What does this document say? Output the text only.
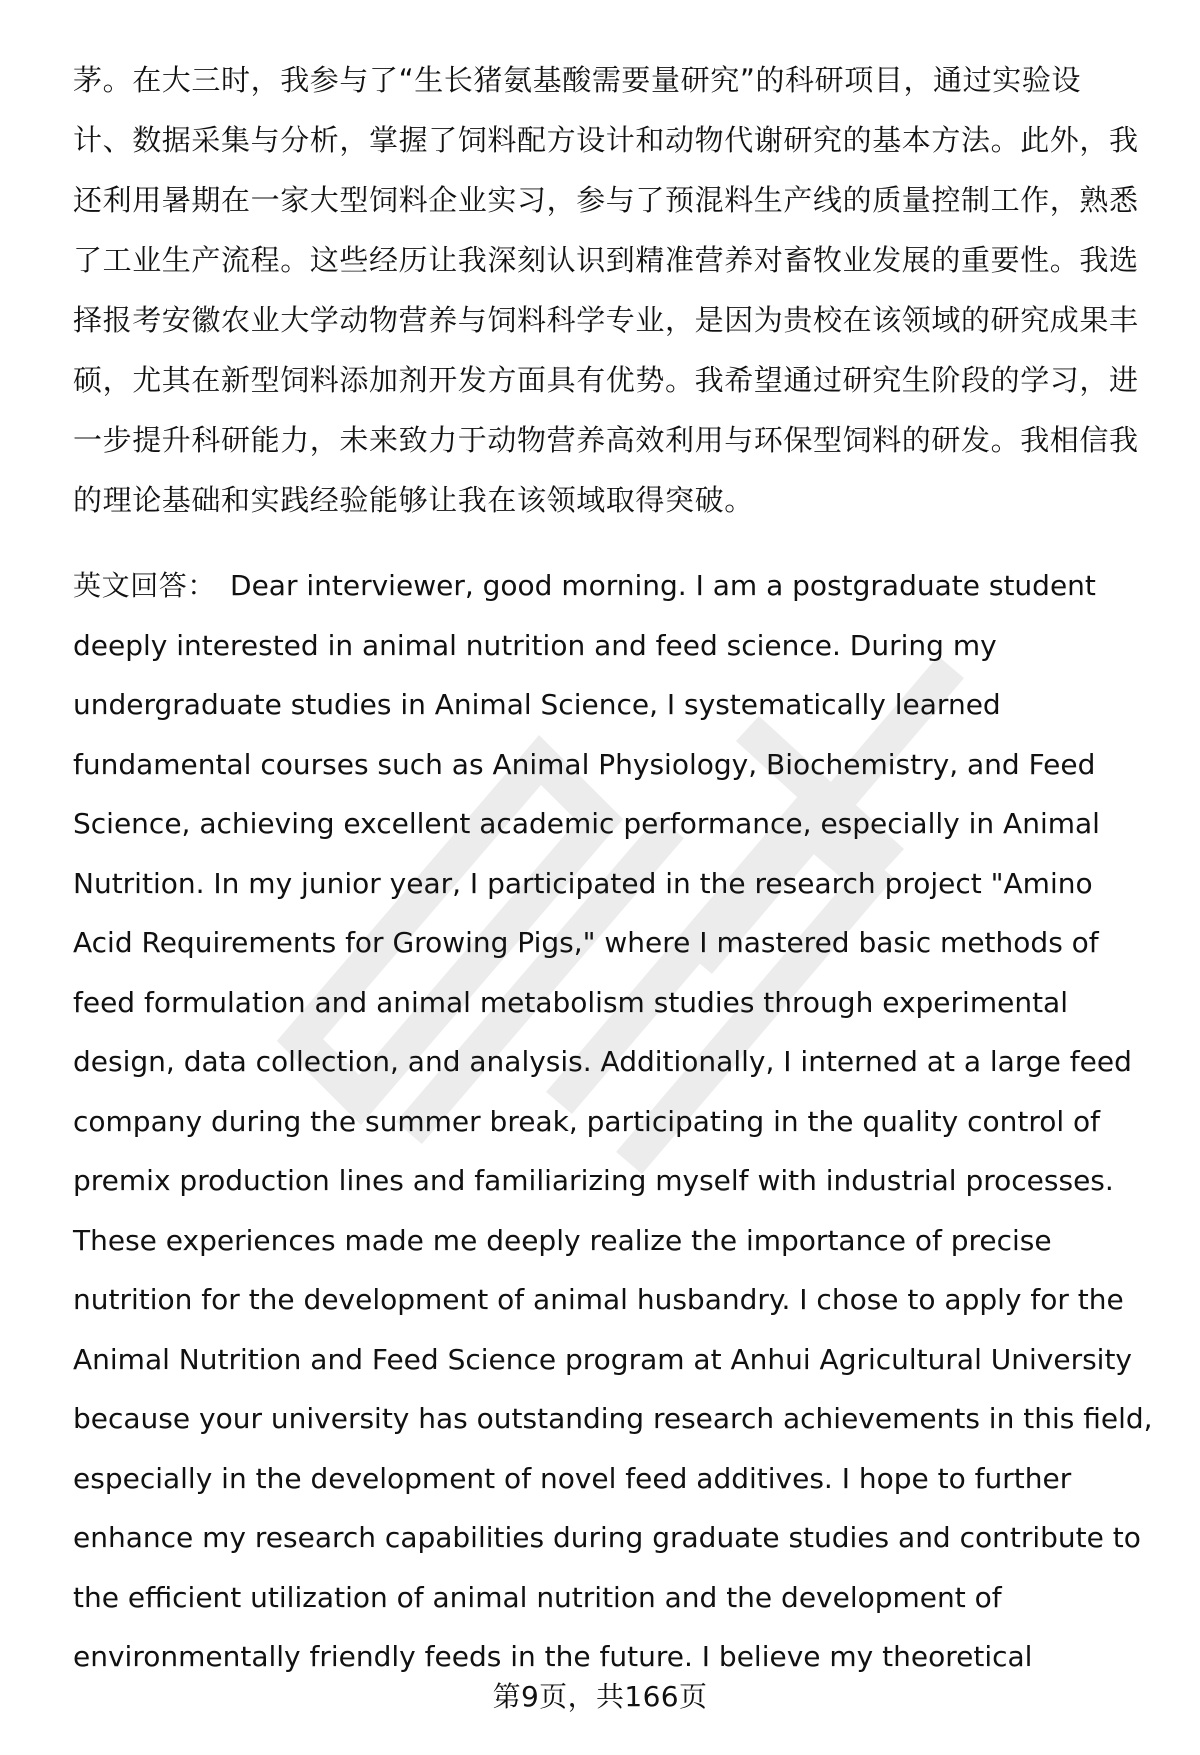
茅。在大三时，我参与了“生长猪氨基酸需要量研究”的科研项目，通过实验设
计、数据采集与分析，掌握了饲料配方设计和动物代谢研究的基本方法。此外，我
还利用暑期在一家大型饲料企业实习，参与了预混料生产线的质量控制工作，熟悉
了工业生产流程。这些经历让我深刻认识到精准营养对畜牧业发展的重要性。我选
择报考安徽农业大学动物营养与饲料科学专业，是因为贵校在该领域的研究成果丰
硕，尤其在新型饲料添加剂开发方面具有优势。我希望通过研究生阶段的学习，进
一步提升科研能力，未来致力于动物营养高效利用与环保型饲料的研发。我相信我
的理论基础和实践经验能够让我在该领域取得突破。
英文回答： Dear interviewer, good morning. I am a postgraduate student
deeply interested in animal nutrition and feed science. During my
undergraduate studies in Animal Science, I systematically learned
fundamental courses such as Animal Physiology, Biochemistry, and Feed
Science, achieving excellent academic performance, especially in Animal
Nutrition. In my junior year, I participated in the research project "Amino
Acid Requirements for Growing Pigs," where I mastered basic methods of
feed formulation and animal metabolism studies through experimental
design, data collection, and analysis. Additionally, I interned at a large feed
company during the summer break, participating in the quality control of
premix production lines and familiarizing myself with industrial processes.
These experiences made me deeply realize the importance of precise
nutrition for the development of animal husbandry. I chose to apply for the
Animal Nutrition and Feed Science program at Anhui Agricultural University
because your university has outstanding research achievements in this field,
especially in the development of novel feed additives. I hope to further
enhance my research capabilities during graduate studies and contribute to
the efficient utilization of animal nutrition and the development of
environmentally friendly feeds in the future. I believe my theoretical
第9页，共166页
